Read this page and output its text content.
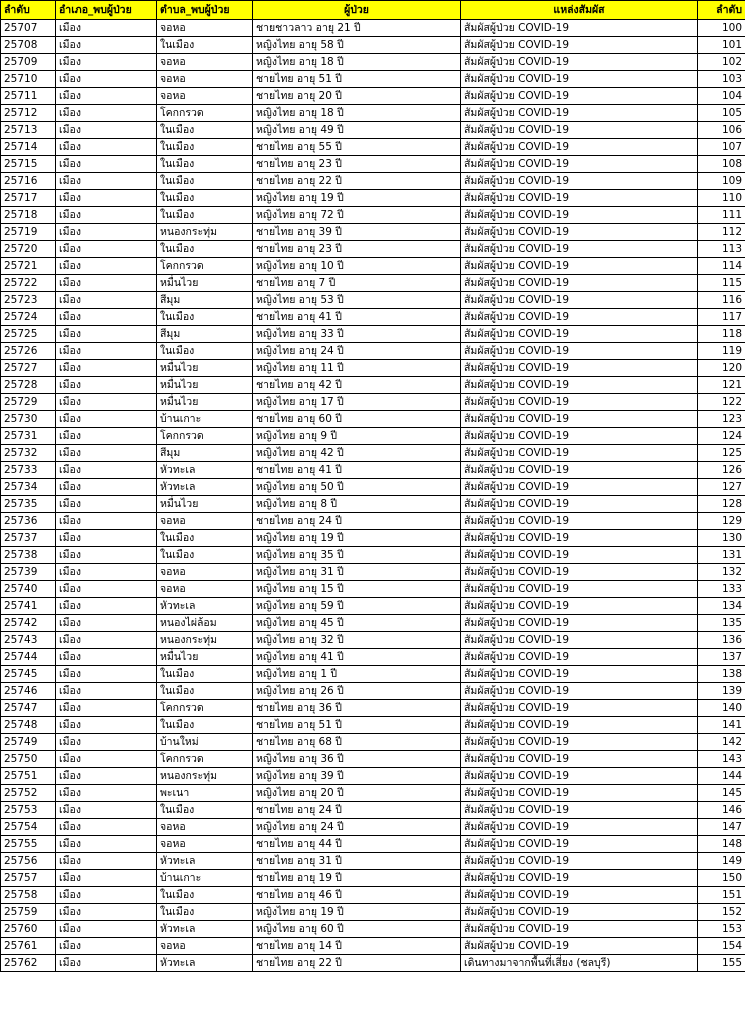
ลำดับ	อำเภอ_พบผู้ป่วย	ตำบล_พบผู้ป่วย	ผู้ป่วย	แหล่งสัมผัส	ลำดับ
25707	เมือง	จอหอ	ชายชาวลาว อายุ 21 ปี	สัมผัสผู้ป่วย COVID-19	100
25708	เมือง	ในเมือง	หญิงไทย อายุ 58 ปี	สัมผัสผู้ป่วย COVID-19	101
25709	เมือง	จอหอ	หญิงไทย อายุ 18 ปี	สัมผัสผู้ป่วย COVID-19	102
25710	เมือง	จอหอ	ชายไทย อายุ 51 ปี	สัมผัสผู้ป่วย COVID-19	103
25711	เมือง	จอหอ	ชายไทย อายุ 20 ปี	สัมผัสผู้ป่วย COVID-19	104
25712	เมือง	โคกกรวด	หญิงไทย อายุ 18 ปี	สัมผัสผู้ป่วย COVID-19	105
25713	เมือง	ในเมือง	หญิงไทย อายุ 49 ปี	สัมผัสผู้ป่วย COVID-19	106
25714	เมือง	ในเมือง	ชายไทย อายุ 55 ปี	สัมผัสผู้ป่วย COVID-19	107
25715	เมือง	ในเมือง	ชายไทย อายุ 23 ปี	สัมผัสผู้ป่วย COVID-19	108
25716	เมือง	ในเมือง	ชายไทย อายุ 22 ปี	สัมผัสผู้ป่วย COVID-19	109
25717	เมือง	ในเมือง	หญิงไทย อายุ 19 ปี	สัมผัสผู้ป่วย COVID-19	110
25718	เมือง	ในเมือง	หญิงไทย อายุ 72 ปี	สัมผัสผู้ป่วย COVID-19	111
25719	เมือง	หนองกระทุ่ม	ชายไทย อายุ 39 ปี	สัมผัสผู้ป่วย COVID-19	112
25720	เมือง	ในเมือง	ชายไทย อายุ 23 ปี	สัมผัสผู้ป่วย COVID-19	113
25721	เมือง	โคกกรวด	หญิงไทย อายุ 10 ปี	สัมผัสผู้ป่วย COVID-19	114
25722	เมือง	หมื่นไวย	ชายไทย อายุ 7 ปี	สัมผัสผู้ป่วย COVID-19	115
25723	เมือง	สีมุม	หญิงไทย อายุ 53 ปี	สัมผัสผู้ป่วย COVID-19	116
25724	เมือง	ในเมือง	ชายไทย อายุ 41 ปี	สัมผัสผู้ป่วย COVID-19	117
25725	เมือง	สีมุม	หญิงไทย อายุ 33 ปี	สัมผัสผู้ป่วย COVID-19	118
25726	เมือง	ในเมือง	หญิงไทย อายุ 24 ปี	สัมผัสผู้ป่วย COVID-19	119
25727	เมือง	หมื่นไวย	หญิงไทย อายุ 11 ปี	สัมผัสผู้ป่วย COVID-19	120
25728	เมือง	หมื่นไวย	ชายไทย อายุ 42 ปี	สัมผัสผู้ป่วย COVID-19	121
25729	เมือง	หมื่นไวย	หญิงไทย อายุ 17 ปี	สัมผัสผู้ป่วย COVID-19	122
25730	เมือง	บ้านเกาะ	ชายไทย อายุ 60 ปี	สัมผัสผู้ป่วย COVID-19	123
25731	เมือง	โคกกรวด	หญิงไทย อายุ 9 ปี	สัมผัสผู้ป่วย COVID-19	124
25732	เมือง	สีมุม	หญิงไทย อายุ 42 ปี	สัมผัสผู้ป่วย COVID-19	125
25733	เมือง	หัวทะเล	ชายไทย อายุ 41 ปี	สัมผัสผู้ป่วย COVID-19	126
25734	เมือง	หัวทะเล	หญิงไทย อายุ 50 ปี	สัมผัสผู้ป่วย COVID-19	127
25735	เมือง	หมื่นไวย	หญิงไทย อายุ 8 ปี	สัมผัสผู้ป่วย COVID-19	128
25736	เมือง	จอหอ	ชายไทย อายุ 24 ปี	สัมผัสผู้ป่วย COVID-19	129
25737	เมือง	ในเมือง	หญิงไทย อายุ 19 ปี	สัมผัสผู้ป่วย COVID-19	130
25738	เมือง	ในเมือง	หญิงไทย อายุ 35 ปี	สัมผัสผู้ป่วย COVID-19	131
25739	เมือง	จอหอ	หญิงไทย อายุ 31 ปี	สัมผัสผู้ป่วย COVID-19	132
25740	เมือง	จอหอ	หญิงไทย อายุ 15 ปี	สัมผัสผู้ป่วย COVID-19	133
25741	เมือง	หัวทะเล	หญิงไทย อายุ 59 ปี	สัมผัสผู้ป่วย COVID-19	134
25742	เมือง	หนองไผ่ล้อม	หญิงไทย อายุ 45 ปี	สัมผัสผู้ป่วย COVID-19	135
25743	เมือง	หนองกระทุ่ม	หญิงไทย อายุ 32 ปี	สัมผัสผู้ป่วย COVID-19	136
25744	เมือง	หมื่นไวย	หญิงไทย อายุ 41 ปี	สัมผัสผู้ป่วย COVID-19	137
25745	เมือง	ในเมือง	หญิงไทย อายุ 1 ปี	สัมผัสผู้ป่วย COVID-19	138
25746	เมือง	ในเมือง	หญิงไทย อายุ 26 ปี	สัมผัสผู้ป่วย COVID-19	139
25747	เมือง	โคกกรวด	ชายไทย อายุ 36 ปี	สัมผัสผู้ป่วย COVID-19	140
25748	เมือง	ในเมือง	ชายไทย อายุ 51 ปี	สัมผัสผู้ป่วย COVID-19	141
25749	เมือง	บ้านใหม่	ชายไทย อายุ 68 ปี	สัมผัสผู้ป่วย COVID-19	142
25750	เมือง	โคกกรวด	หญิงไทย อายุ 36 ปี	สัมผัสผู้ป่วย COVID-19	143
25751	เมือง	หนองกระทุ่ม	หญิงไทย อายุ 39 ปี	สัมผัสผู้ป่วย COVID-19	144
25752	เมือง	พะเนา	หญิงไทย อายุ 20 ปี	สัมผัสผู้ป่วย COVID-19	145
25753	เมือง	ในเมือง	ชายไทย อายุ 24 ปี	สัมผัสผู้ป่วย COVID-19	146
25754	เมือง	จอหอ	หญิงไทย อายุ 24 ปี	สัมผัสผู้ป่วย COVID-19	147
25755	เมือง	จอหอ	ชายไทย อายุ 44 ปี	สัมผัสผู้ป่วย COVID-19	148
25756	เมือง	หัวทะเล	ชายไทย อายุ 31 ปี	สัมผัสผู้ป่วย COVID-19	149
25757	เมือง	บ้านเกาะ	ชายไทย อายุ 19 ปี	สัมผัสผู้ป่วย COVID-19	150
25758	เมือง	ในเมือง	ชายไทย อายุ 46 ปี	สัมผัสผู้ป่วย COVID-19	151
25759	เมือง	ในเมือง	หญิงไทย อายุ 19 ปี	สัมผัสผู้ป่วย COVID-19	152
25760	เมือง	หัวทะเล	หญิงไทย อายุ 60 ปี	สัมผัสผู้ป่วย COVID-19	153
25761	เมือง	จอหอ	ชายไทย อายุ 14 ปี	สัมผัสผู้ป่วย COVID-19	154
25762	เมือง	หัวทะเล	ชายไทย อายุ 22 ปี	เดินทางมาจากพื้นที่เสี่ยง (ชลบุรี)	155
